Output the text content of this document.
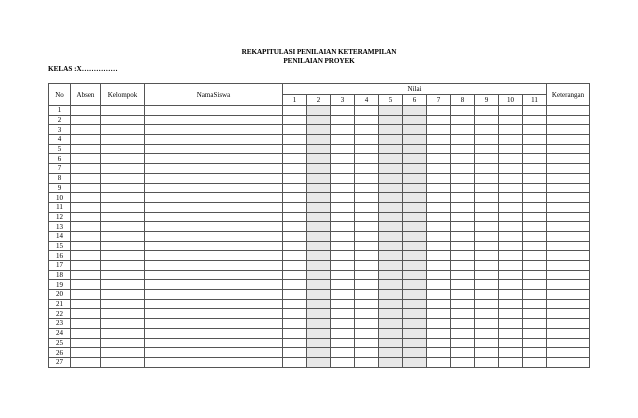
REKAPITULASI PENILAIAN KETERAMPILAN
PENILAIAN PROYEK
KELAS :X……………
No	Absen	Kelompok	NamaSiswa	Nilai											Keterangan
				1	2	3	4	5	6	7	8	9	10	11	
1															
2															
3															
4															
5															
6															
7															
8															
9															
10															
11															
12															
13															
14															
15															
16															
17															
18															
19															
20															
21															
22															
23															
24															
25															
26															
27															
